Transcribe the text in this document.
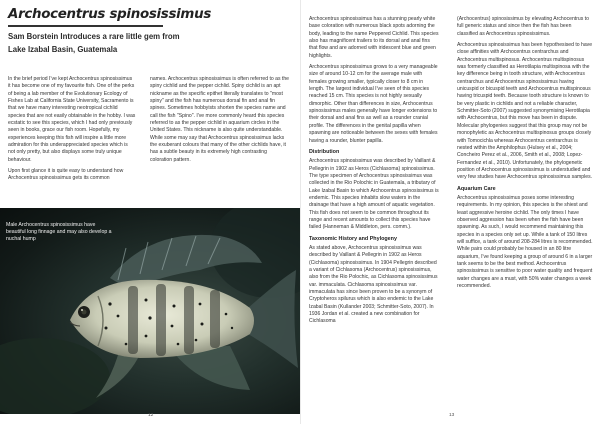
Archocentrus spinosissimus
Sam Borstein Introduces a rare little gem from
Lake Izabal Basin, Guatemala

In the brief period I've kept Archocentrus spinosissimus it has become one of my favourite fish. One of the perks of being a lab member of the Evolutionary Ecology of Fishes Lab at California State University, Sacramento is that we have many interesting neotropical cichlid species that are not easily obtainable in the hobby. I was ecstatic to see this species, which I had only previously seen in books, grace our fish room. Hopefully, my experiences keeping this fish will inspire a little more admiration for this underappreciated species which is not only pretty, but also displays some truly unique behaviour.

Upon first glance it is quite easy to understand how Archocentrus spinosissimus gets its common

names. Archocentrus spinosissimus is often referred to as the spiny cichlid and the pepper cichlid. Spiny cichlid is an apt nickname as the specific epithet literally translates to "most spiny" and the fish has numerous dorsal fin and anal fin spines. Sometimes hobbyists shorten the species name and call the fish "Spino". I've more commonly heard this species referred to as the pepper cichlid in aquarium circles in the United States. This nickname is also quite understandable. While some may say that Archocentrus spinosissimus lacks the exuberant colours that many of the other cichlids have, it has a subtle beauty in its extremely high contrasting coloration pattern.

Male Archocentrus spinosissimus have beautiful long finnage and may also develop a nuchal hump
12

Archocentrus spinosissimus has a stunning pearly white base coloration with numerous black spots adorning the body, leading to the name Peppered Cichlid. This species also has magnificent trailers to its dorsal and anal fins that flow and are adorned with iridescent blue and green highlights.

Archocentrus spinosissimus grows to a very manageable size of around 10-12 cm for the average male with females growing smaller, typically closer to 8 cm in length. The largest individual I've seen of this species reached 15 cm. This species is not highly sexually dimorphic. Other than differences in size, Archocentrus spinosissimus males generally have longer extensions to their dorsal and anal fins as well as a rounder cranial profile. The differences in the genital papilla when spawning are noticeable between the sexes with females having a rounder, blunter papilla.

Distribution

Archocentrus spinosissimus was described by Vaillant & Pellegrin in 1902 as Heros (Cichlasoma) spinosissimus. The type specimen of Archocentrus spinosissimus was collected in the Rio Polochic in Guatemala, a tributary of Lake Izabal Basin to which Archocentrus spinosissimus is endemic. This species inhabits slow waters in the drainage that have a high amount of aquatic vegetation. This fish does not seem to be common throughout its range and recent amounts to collect this species have failed (Hanneman & Middleton, pers. comm.).

Taxonomic History and Phylogeny

As stated above, Archocentrus spinosissimus was described by Vaillant & Pellegrin in 1902 as Heros (Cichlasoma) spinosissimus. In 1904 Pellegrin described a variant of Cichlasoma (Archocentrus) spinosissimus, also from the Rio Polochic, as Cichlasoma spinosissimus var. immaculata. Cichlasoma spinosissimus var. immaculata has since been proven to be a synonym of Cryptoheros spilurus which is also endemic to the Lake Izabal Basin (Kullander 2003; Schmitter-Soto, 2007). In 1936 Jordan et al. created a new combination for Cichlasoma

(Archocentrus) spinosissimus by elevating Archocentrus to full generic status and since then the fish has been classified as Archocentrus spinosissimus.

Archocentrus spinosissimus has been hypothesised to have close affinities with Archocentrus centrarchus and Archocentrus multispinosus. Archocentrus multispinosus was formerly classified as Herotilapia multispinosa with the key difference being in tooth structure, with Archocentrus centrarchus and Archocentrus spinosissimus having unicuspid or bicuspid teeth and Archocentrus multispinosus having tricuspid teeth. Because tooth structure is known to be very plastic in cichlids and not a reliable character, Schmitter-Soto (2007) suggested synonymising Herotilapia with Archocentrus, but this move has been in dispute. Molecular phylogenies suggest that this group may not be monophyletic as Archocentrus multispinosus groups closely with Tomocichla whereas Archocentrus centrarchus is nested within the Amphilophus (Hulsey et al., 2004; Concheiro Perez et al., 2006, Smith et al., 2008; Lopez-Fernandez et al., 2010). Unfortunately, the phylogenetic position of Archocentrus spinosissimus is understudied and very few studies have Archocentrus spinosissimus samples.

Aquarium Care

Archocentrus spinosissimus poses some interesting requirements. In my opinion, this species is the shiest and least aggressive heroine cichlid. The only times I have observed aggression has been when the fish have been spawning. As such, I would recommend maintaining this species in a species only set up. While a tank of 150 litres will suffice, a tank of around 208-284 litres is recommended. While pairs could probably be housed in an 80 litre aquarium, I've found keeping a group of around 6 in a larger tank seems to be the best method. Archocentrus spinosissimus is sensitive to poor water quality and frequent water changes are a must, with 50% water changes a week recommended.

13
